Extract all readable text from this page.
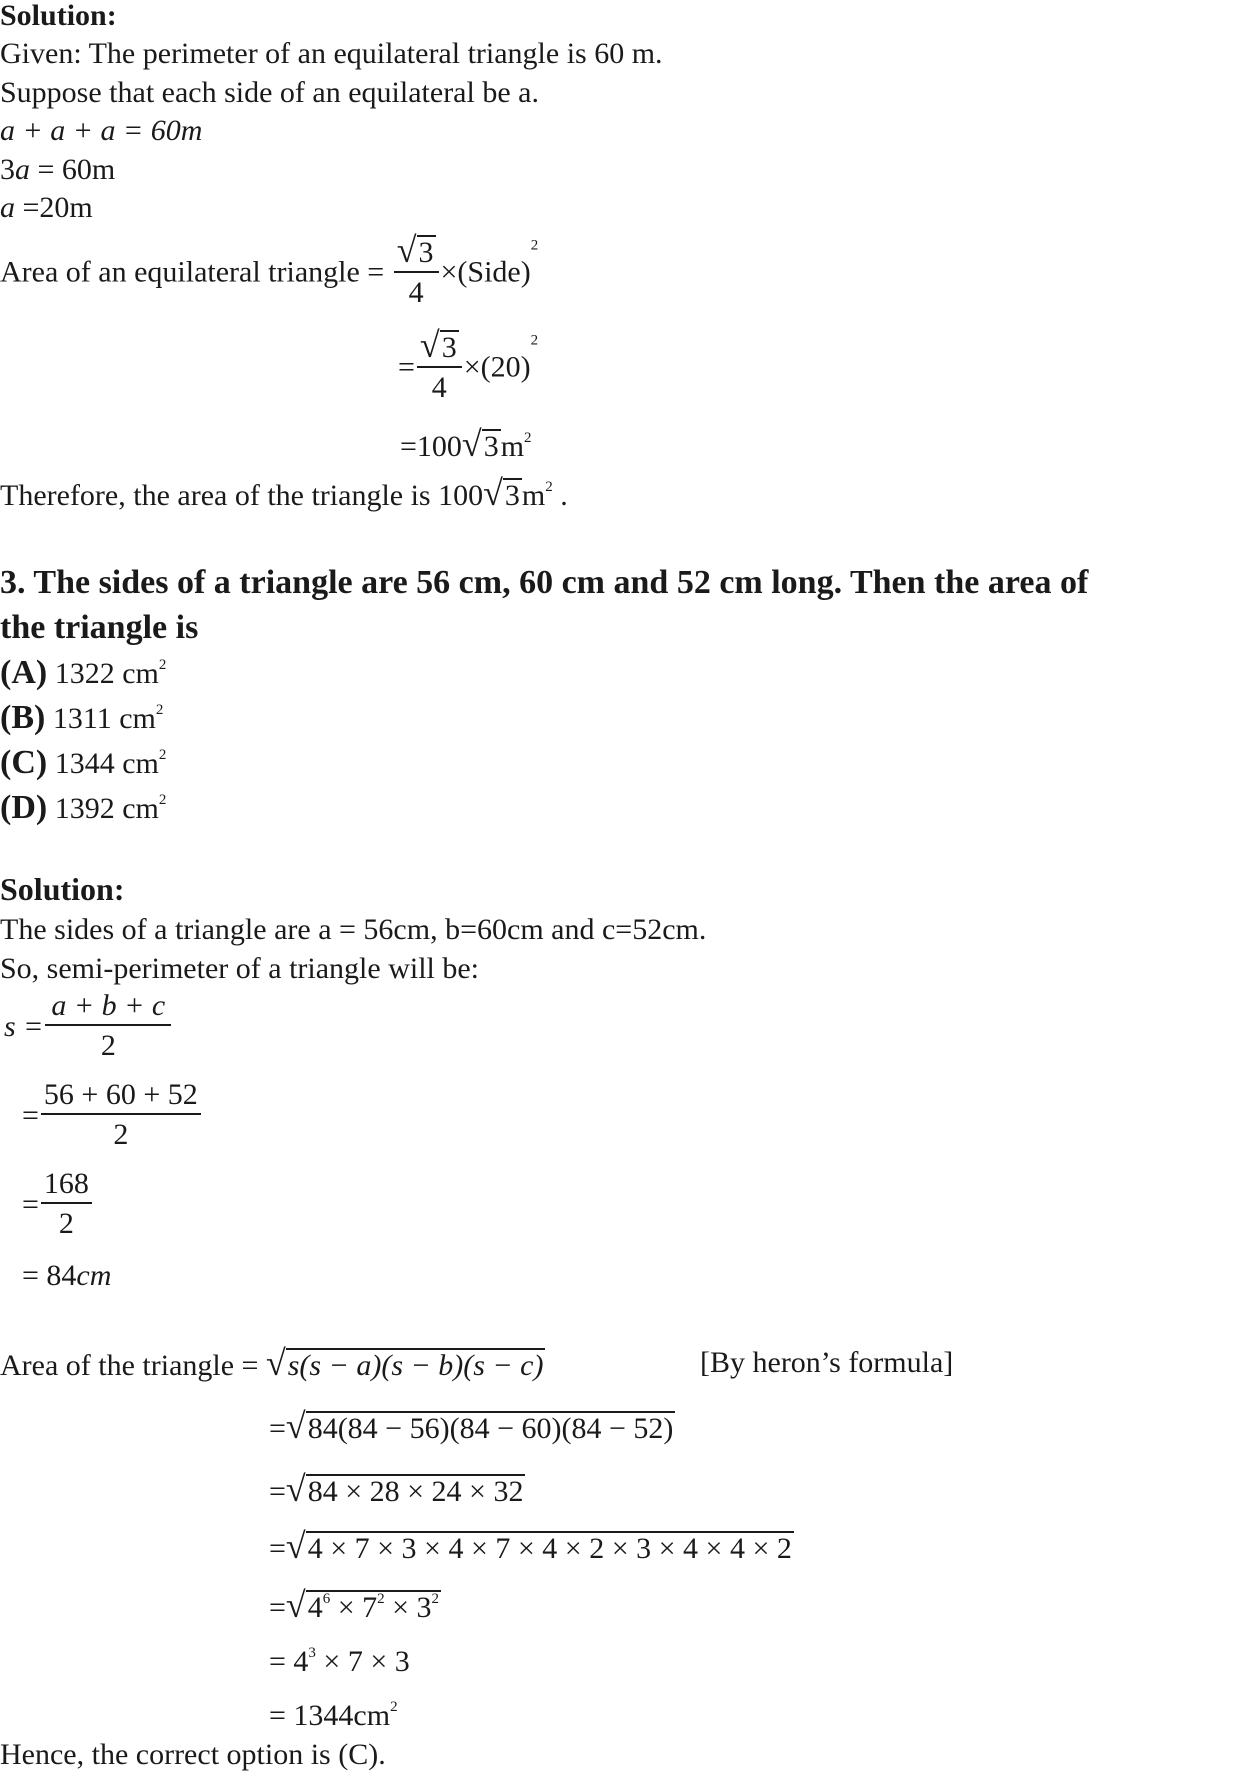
Solution:
Given: The perimeter of an equilateral triangle is 60 m.
Suppose that each side of an equilateral be a.
a + a + a = 60m
3a = 60m
a =20m
Area of an equilateral triangle = $\frac{√3}{4}$ ×(Side)$^2$
= $\frac{√3}{4} \times(20)^2$
$=100√3m^2$
Therefore, the area of the triangle is $100√3m^2$ .
3. The sides of a triangle are 56 cm, 60 cm and 52 cm long. Then the area of
the triangle is
(A) 1322 $cm^2$
(B) 1311 $cm^2$
(C) 1344 $cm^2$
(D) 1392 $cm^2$
Solution:
The sides of a triangle are a = 56cm, b=60cm and c=52cm.
So, semi-perimeter of a triangle will be:
$s = \frac{a + b + c}{2}$
= $\frac{56 + 60 + 52}{2}$
= $\frac{168}{2}$
= 84cm
Area of the triangle = √s(s − a)(s − b)(s − c)	[By heron’s formula]
=√84(84 − 56)(84 − 60)(84 − 52)
=√84 × 28 × 24 × 32
=√4 × 7 × 3 × 4 × 7 × 4 × 2 × 3 × 4 × 4 × 2
$=√4^6 \times 7^2 \times 3^2$
= $4^3 \times 7 \times 3$
= $1344cm^2$
Hence, the correct option is (C).
